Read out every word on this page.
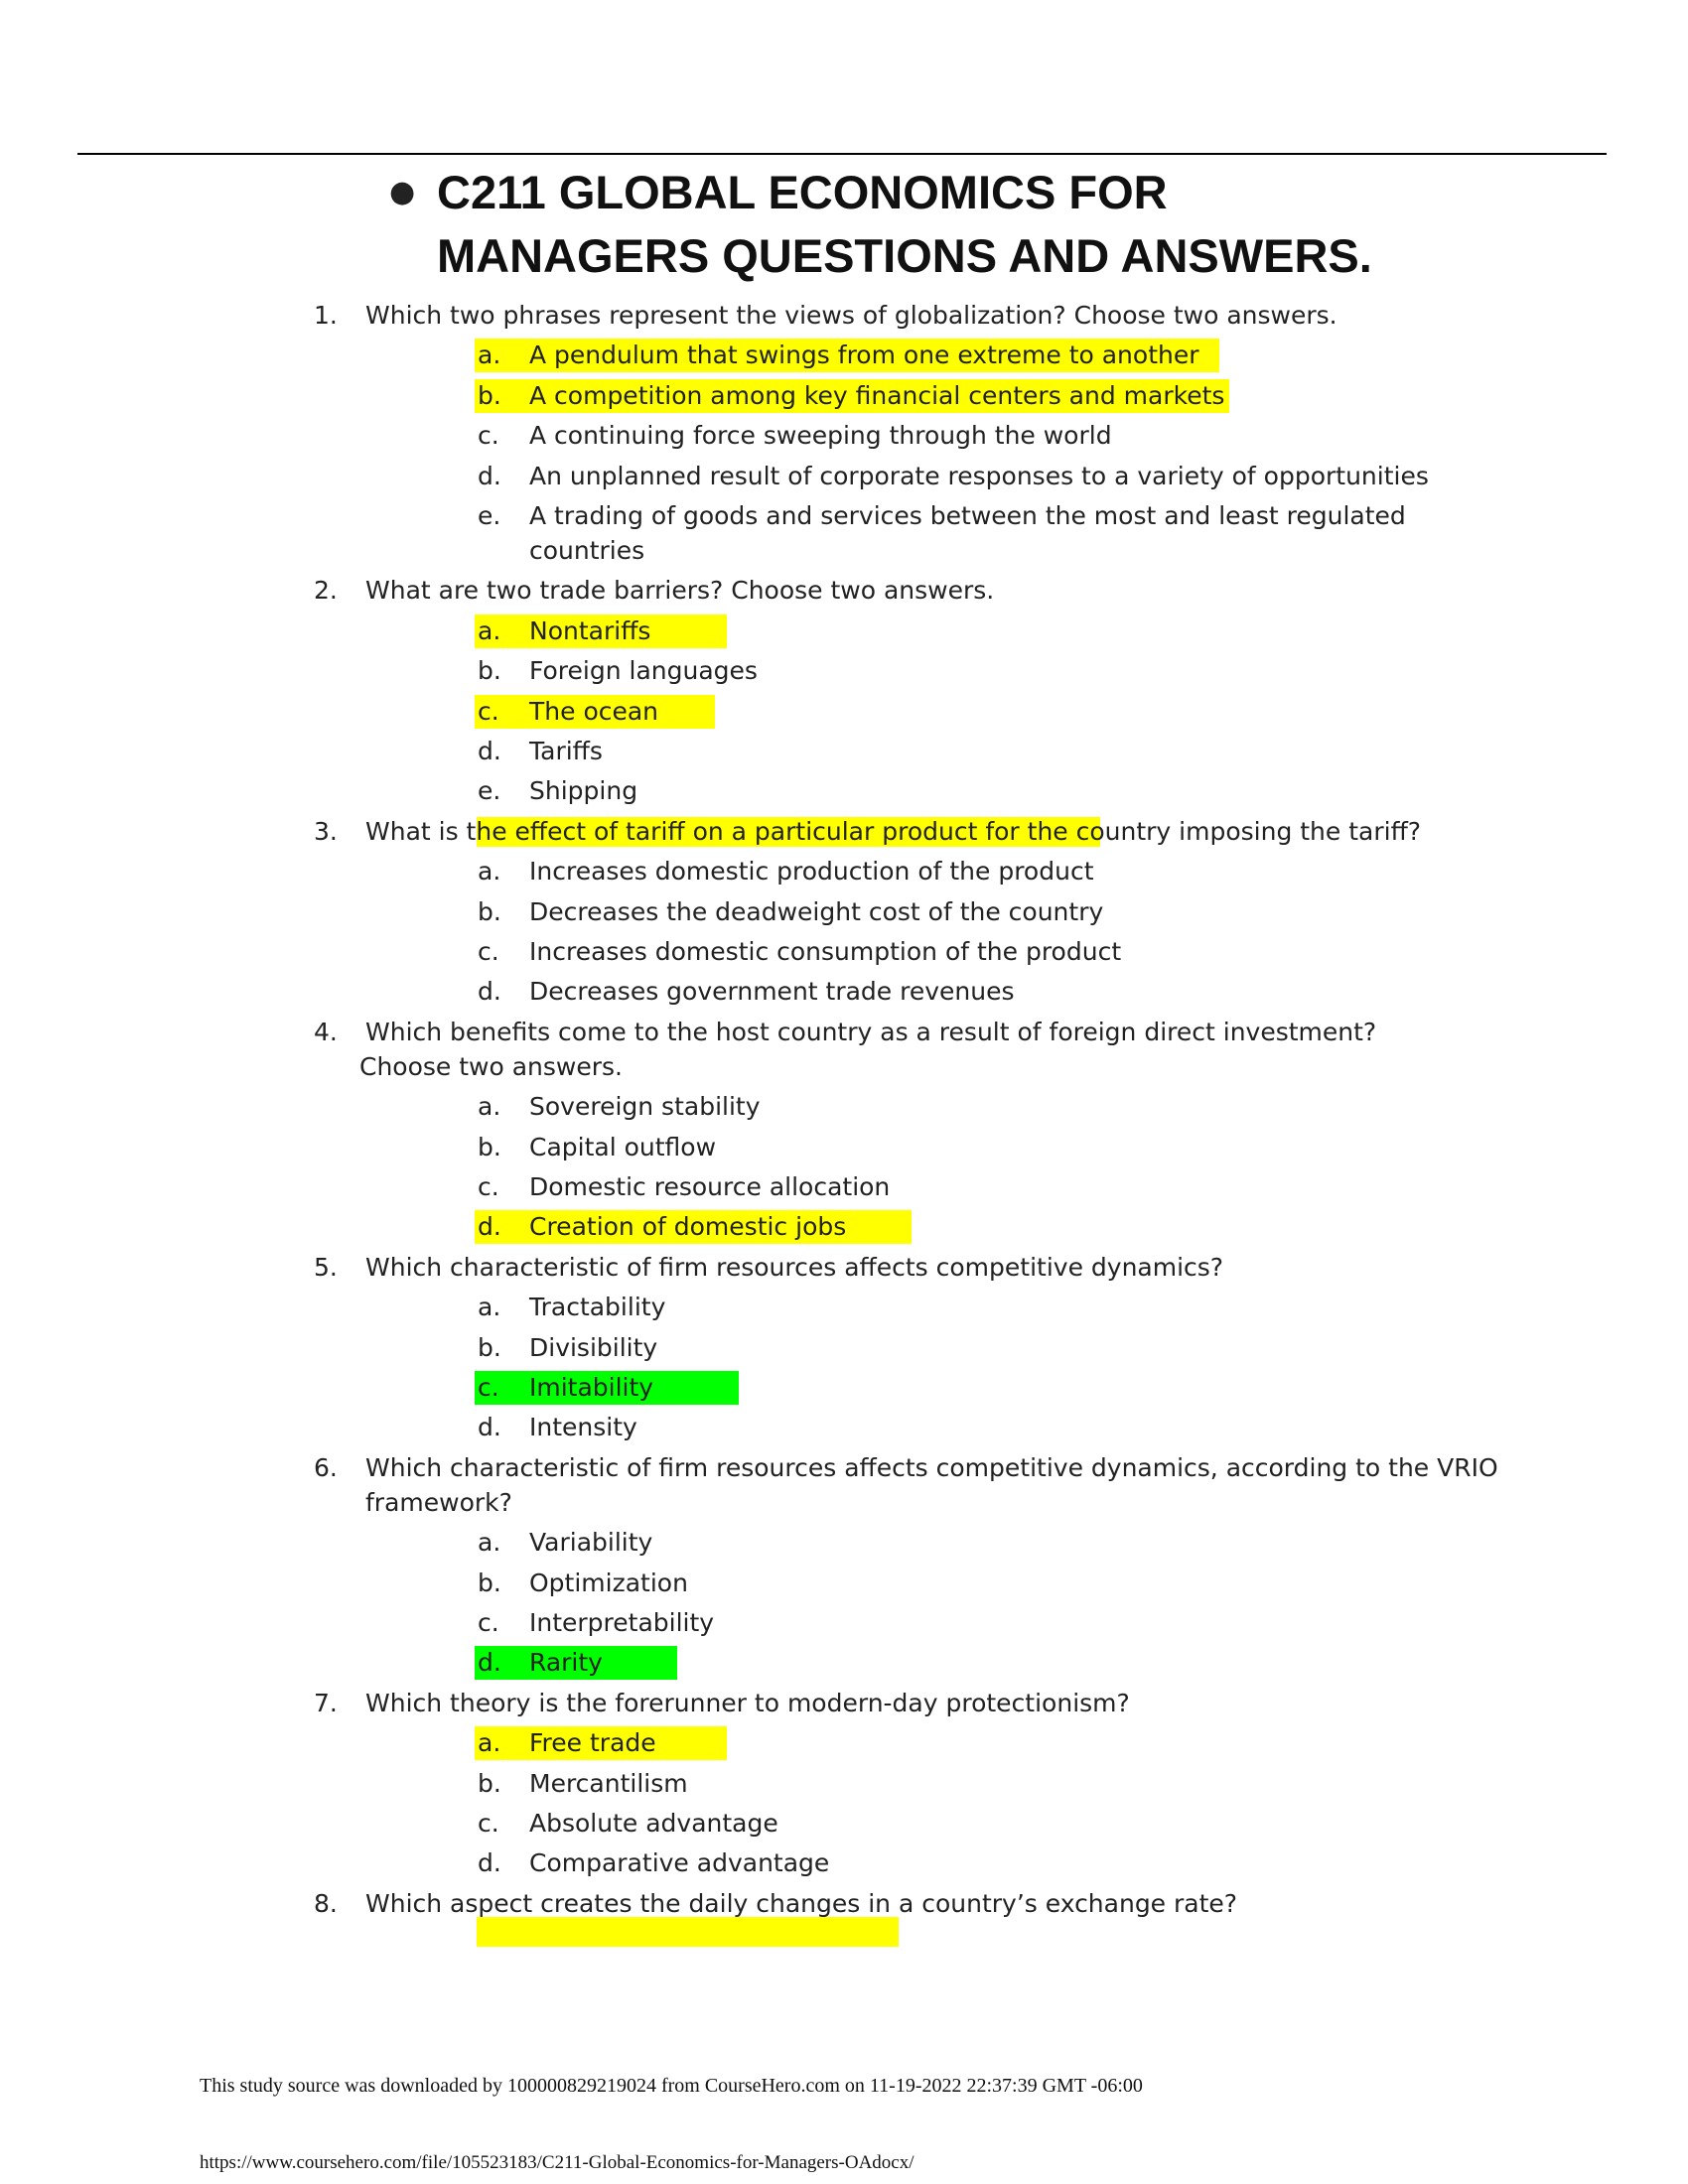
● C211 GLOBAL ECONOMICS FOR
MANAGERS QUESTIONS AND ANSWERS.
1. Which two phrases represent the views of globalization? Choose two answers.
a. A pendulum that swings from one extreme to another
b. A competition among key financial centers and markets
c. A continuing force sweeping through the world
d. An unplanned result of corporate responses to a variety of opportunities
e. A trading of goods and services between the most and least regulated
countries
2. What are two trade barriers? Choose two answers.
a. Nontariffs
b. Foreign languages
c. The ocean
d. Tariffs
e. Shipping
3. What is the effect of tariff on a particular product for the country imposing the tariff?
a. Increases domestic production of the product
b. Decreases the deadweight cost of the country
c. Increases domestic consumption of the product
d. Decreases government trade revenues
4. Which benefits come to the host country as a result of foreign direct investment?
Choose two answers.
a. Sovereign stability
b. Capital outflow
c. Domestic resource allocation
d. Creation of domestic jobs
5. Which characteristic of firm resources affects competitive dynamics?
a. Tractability
b. Divisibility
c. Imitability
d. Intensity
6. Which characteristic of firm resources affects competitive dynamics, according to the VRIO
framework?
a. Variability
b. Optimization
c. Interpretability
d. Rarity
7. Which theory is the forerunner to modern-day protectionism?
a. Free trade
b. Mercantilism
c. Absolute advantage
d. Comparative advantage
8. Which aspect creates the daily changes in a country’s exchange rate?
This study source was downloaded by 100000829219024 from CourseHero.com on 11-19-2022 22:37:39 GMT -06:00
https://www.coursehero.com/file/105523183/C211-Global-Economics-for-Managers-OAdocx/
